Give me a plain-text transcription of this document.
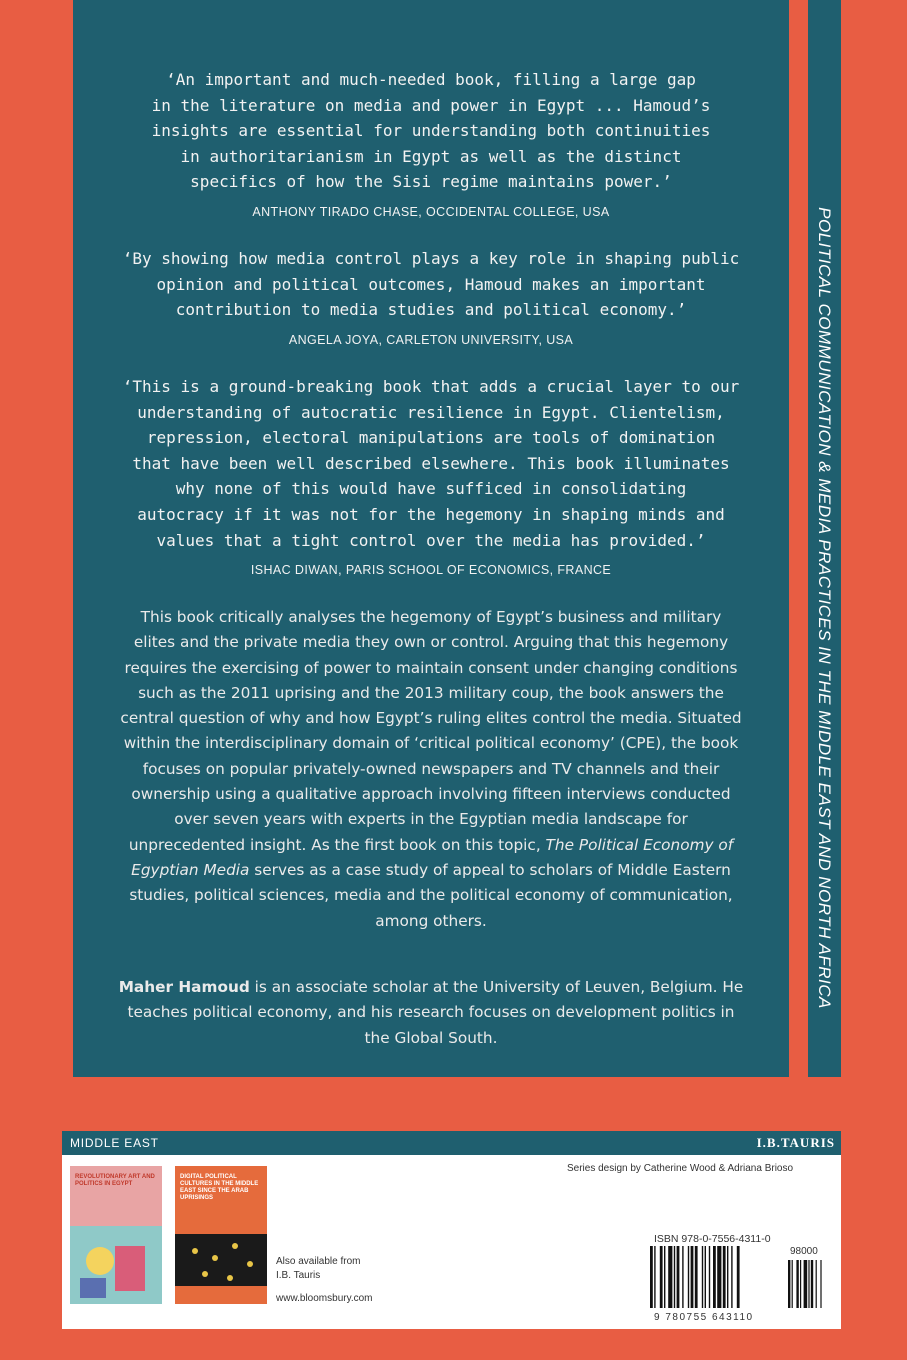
POLITICAL COMMUNICATION & MEDIA PRACTICES IN THE MIDDLE EAST AND NORTH AFRICA
‘An important and much-needed book, filling a large gap
in the literature on media and power in Egypt ... Hamoud’s
insights are essential for understanding both continuities
in authoritarianism in Egypt as well as the distinct
specifics of how the Sisi regime maintains power.’
ANTHONY TIRADO CHASE, OCCIDENTAL COLLEGE, USA
‘By showing how media control plays a key role in shaping public
opinion and political outcomes, Hamoud makes an important
contribution to media studies and political economy.’
ANGELA JOYA, CARLETON UNIVERSITY, USA
‘This is a ground-breaking book that adds a crucial layer to our
understanding of autocratic resilience in Egypt. Clientelism,
repression, electoral manipulations are tools of domination
that have been well described elsewhere. This book illuminates
why none of this would have sufficed in consolidating
autocracy if it was not for the hegemony in shaping minds and
values that a tight control over the media has provided.’
ISHAC DIWAN, PARIS SCHOOL OF ECONOMICS, FRANCE
This book critically analyses the hegemony of Egypt’s business and military elites and the private media they own or control. Arguing that this hegemony requires the exercising of power to maintain consent under changing conditions such as the 2011 uprising and the 2013 military coup, the book answers the central question of why and how Egypt’s ruling elites control the media. Situated within the interdisciplinary domain of ‘critical political economy’ (CPE), the book focuses on popular privately-owned newspapers and TV channels and their ownership using a qualitative approach involving fifteen interviews conducted over seven years with experts in the Egyptian media landscape for unprecedented insight. As the first book on this topic, The Political Economy of Egyptian Media serves as a case study of appeal to scholars of Middle Eastern studies, political sciences, media and the political economy of communication, among others.
Maher Hamoud is an associate scholar at the University of Leuven, Belgium. He teaches political economy, and his research focuses on development politics in the Global South.
MIDDLE EAST	I.B.TAURIS
REVOLUTIONARY ART AND POLITICS IN EGYPT
DIGITAL POLITICAL CULTURES IN THE MIDDLE EAST SINCE THE ARAB UPRISINGS
Series design by Catherine Wood & Adriana Brioso
Also available from
I.B. Tauris
www.bloomsbury.com
ISBN 978-0-7556-4311-0
98000
9 780755 643110
